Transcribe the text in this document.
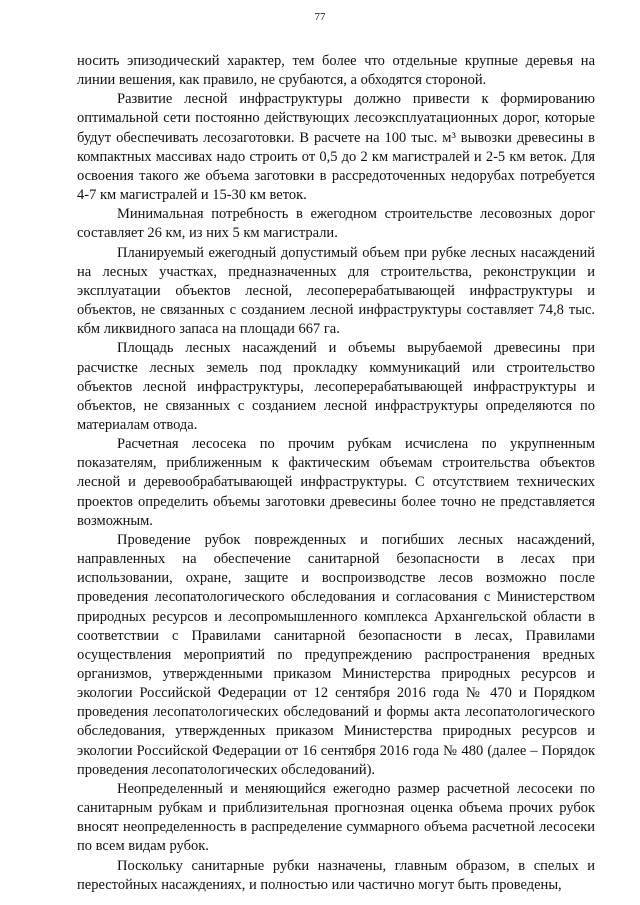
77

носить эпизодический характер, тем более что отдельные крупные деревья на линии вешения, как правило, не срубаются, а обходятся стороной.

Развитие лесной инфраструктуры должно привести к формированию оптимальной сети постоянно действующих лесоэксплуатационных дорог, которые будут обеспечивать лесозаготовки. В расчете на 100 тыс. м³ вывозки древесины в компактных массивах надо строить от 0,5 до 2 км магистралей и 2-5 км веток. Для освоения такого же объема заготовки в рассредоточенных недорубах потребуется 4-7 км магистралей и 15-30 км веток.

Минимальная потребность в ежегодном строительстве лесовозных дорог составляет 26 км, из них 5 км магистрали.

Планируемый ежегодный допустимый объем при рубке лесных насаждений на лесных участках, предназначенных для строительства, реконструкции и эксплуатации объектов лесной, лесоперерабатывающей инфраструктуры и объектов, не связанных с созданием лесной инфраструктуры составляет 74,8 тыс. кбм ликвидного запаса на площади 667 га.

Площадь лесных насаждений и объемы вырубаемой древесины при расчистке лесных земель под прокладку коммуникаций или строительство объектов лесной инфраструктуры, лесоперерабатывающей инфраструктуры и объектов, не связанных с созданием лесной инфраструктуры определяются по материалам отвода.

Расчетная лесосека по прочим рубкам исчислена по укрупненным показателям, приближенным к фактическим объемам строительства объектов лесной и деревообрабатывающей инфраструктуры. С отсутствием технических проектов определить объемы заготовки древесины более точно не представляется возможным.

Проведение рубок поврежденных и погибших лесных насаждений, направленных на обеспечение санитарной безопасности в лесах при использовании, охране, защите и воспроизводстве лесов возможно после проведения лесопатологического обследования и согласования с Министерством природных ресурсов и лесопромышленного комплекса Архангельской области в соответствии с Правилами санитарной безопасности в лесах, Правилами осуществления мероприятий по предупреждению распространения вредных организмов, утвержденными приказом Министерства природных ресурсов и экологии Российской Федерации от 12 сентября 2016 года № 470 и Порядком проведения лесопатологических обследований и формы акта лесопатологического обследования, утвержденных приказом Министерства природных ресурсов и экологии Российской Федерации от 16 сентября 2016 года № 480 (далее – Порядок проведения лесопатологических обследований).

Неопределенный и меняющийся ежегодно размер расчетной лесосеки по санитарным рубкам и приблизительная прогнозная оценка объема прочих рубок вносят неопределенность в распределение суммарного объема расчетной лесосеки по всем видам рубок.

Поскольку санитарные рубки назначены, главным образом, в спелых и перестойных насаждениях, и полностью или частично могут быть проведены,
